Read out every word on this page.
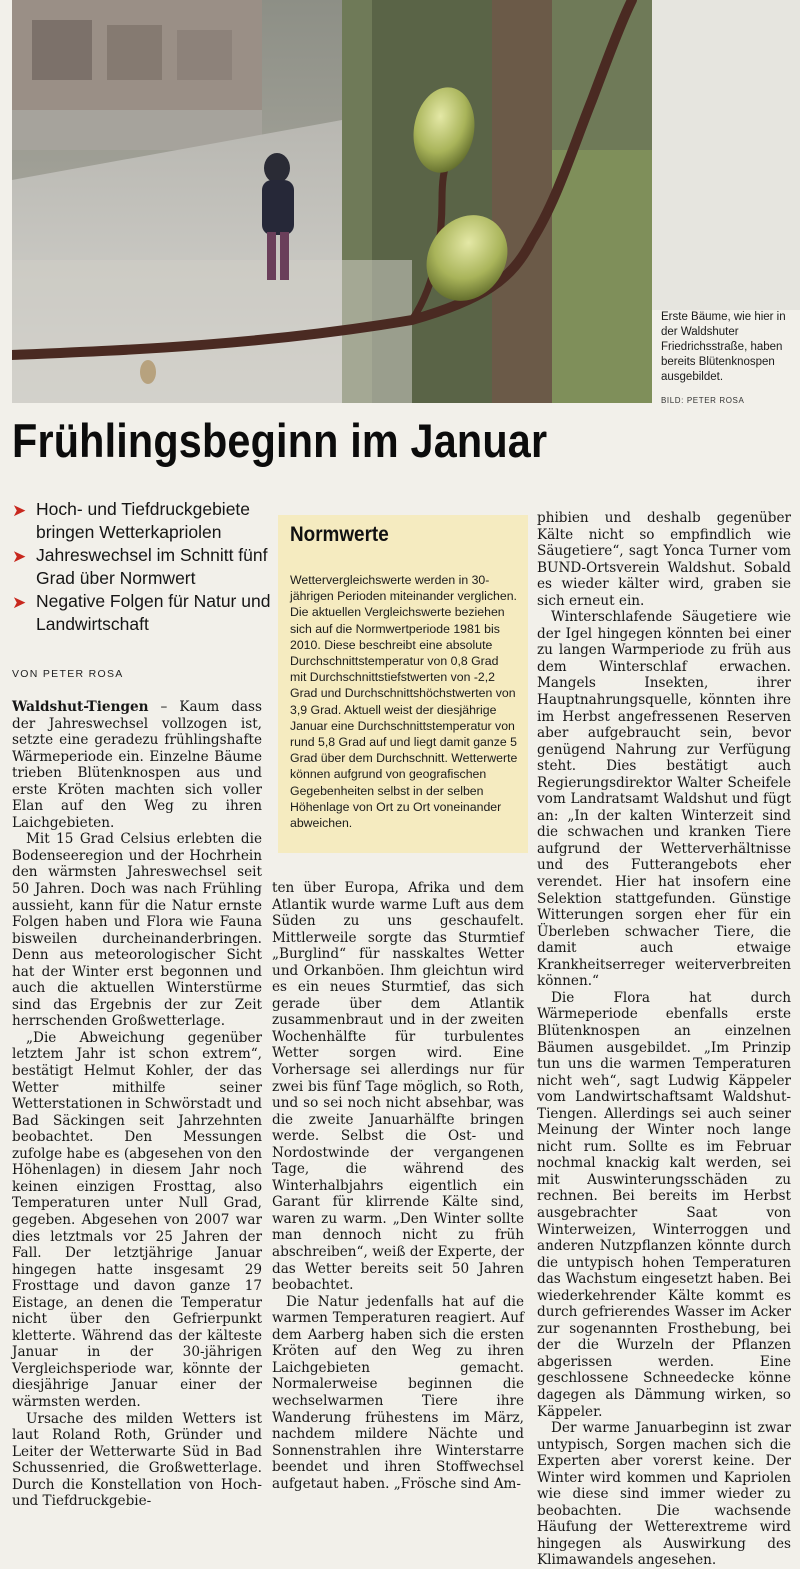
Erste Bäume, wie hier in der Waldshuter Friedrichsstraße, haben bereits Blütenknospen ausgebildet.
BILD: PETER ROSA
Frühlingsbeginn im Januar
➤ Hoch- und Tiefdruckgebiete bringen Wetterkapriolen
➤ Jahreswechsel im Schnitt fünf Grad über Normwert
➤ Negative Folgen für Natur und Landwirtschaft
VON PETER ROSA
Normwerte
Wettervergleichswerte werden in 30-jährigen Perioden miteinander verglichen. Die aktuellen Vergleichswerte beziehen sich auf die Normwertperiode 1981 bis 2010. Diese beschreibt eine absolute Durchschnittstemperatur von 0,8 Grad mit Durchschnittstiefstwerten von -2,2 Grad und Durchschnittshöchstwerten von 3,9 Grad. Aktuell weist der diesjährige Januar eine Durchschnittstemperatur von rund 5,8 Grad auf und liegt damit ganze 5 Grad über dem Durchschnitt. Wetterwerte können aufgrund von geografischen Gegebenheiten selbst in der selben Höhenlage von Ort zu Ort voneinander abweichen.

Waldshut-Tiengen – Kaum dass der Jahreswechsel vollzogen ist, setzte eine geradezu frühlingshafte Wärmeperiode ein. Einzelne Bäume trieben Blütenknospen aus und erste Kröten machten sich voller Elan auf den Weg zu ihren Laichgebieten.

Mit 15 Grad Celsius erlebten die Bodenseeregion und der Hochrhein den wärmsten Jahreswechsel seit 50 Jahren. Doch was nach Frühling aussieht, kann für die Natur ernste Folgen haben und Flora wie Fauna bisweilen durcheinanderbringen. Denn aus meteorologischer Sicht hat der Winter erst begonnen und auch die aktuellen Winterstürme sind das Ergebnis der zur Zeit herrschenden Großwetterlage.

„Die Abweichung gegenüber letztem Jahr ist schon extrem“, bestätigt Helmut Kohler, der das Wetter mithilfe seiner Wetterstationen in Schwörstadt und Bad Säckingen seit Jahrzehnten beobachtet. Den Messungen zufolge habe es (abgesehen von den Höhenlagen) in diesem Jahr noch keinen einzigen Frosttag, also Temperaturen unter Null Grad, gegeben. Abgesehen von 2007 war dies letztmals vor 25 Jahren der Fall. Der letztjährige Januar hingegen hatte insgesamt 29 Frosttage und davon ganze 17 Eistage, an denen die Temperatur nicht über den Gefrierpunkt kletterte. Während das der kälteste Januar in der 30-jährigen Vergleichsperiode war, könnte der diesjährige Januar einer der wärmsten werden.

Ursache des milden Wetters ist laut Roland Roth, Gründer und Leiter der Wetterwarte Süd in Bad Schussenried, die Großwetterlage. Durch die Konstellation von Hoch- und Tiefdruckgebie-

ten über Europa, Afrika und dem Atlantik wurde warme Luft aus dem Süden zu uns geschaufelt. Mittlerweile sorgte das Sturmtief „Burglind“ für nasskaltes Wetter und Orkanböen. Ihm gleichtun wird es ein neues Sturmtief, das sich gerade über dem Atlantik zusammenbraut und in der zweiten Wochenhälfte für turbulentes Wetter sorgen wird. Eine Vorhersage sei allerdings nur für zwei bis fünf Tage möglich, so Roth, und so sei noch nicht absehbar, was die zweite Januarhälfte bringen werde. Selbst die Ost- und Nordostwinde der vergangenen Tage, die während des Winterhalbjahrs eigentlich ein Garant für klirrende Kälte sind, waren zu warm. „Den Winter sollte man dennoch nicht zu früh abschreiben“, weiß der Experte, der das Wetter bereits seit 50 Jahren beobachtet.

Die Natur jedenfalls hat auf die warmen Temperaturen reagiert. Auf dem Aarberg haben sich die ersten Kröten auf den Weg zu ihren Laichgebieten gemacht. Normalerweise beginnen die wechselwarmen Tiere ihre Wanderung frühestens im März, nachdem mildere Nächte und Sonnenstrahlen ihre Winterstarre beendet und ihren Stoffwechsel aufgetaut haben. „Frösche sind Am-

phibien und deshalb gegenüber Kälte nicht so empfindlich wie Säugetiere“, sagt Yonca Turner vom BUND-Ortsverein Waldshut. Sobald es wieder kälter wird, graben sie sich erneut ein.

Winterschlafende Säugetiere wie der Igel hingegen könnten bei einer zu langen Warmperiode zu früh aus dem Winterschlaf erwachen. Mangels Insekten, ihrer Hauptnahrungsquelle, könnten ihre im Herbst angefressenen Reserven aber aufgebraucht sein, bevor genügend Nahrung zur Verfügung steht. Dies bestätigt auch Regierungsdirektor Walter Scheifele vom Landratsamt Waldshut und fügt an: „In der kalten Winterzeit sind die schwachen und kranken Tiere aufgrund der Wetterverhältnisse und des Futterangebots eher verendet. Hier hat insofern eine Selektion stattgefunden. Günstige Witterungen sorgen eher für ein Überleben schwacher Tiere, die damit auch etwaige Krankheitserreger weiterverbreiten können.“

Die Flora hat durch Wärmeperiode ebenfalls erste Blütenknospen an einzelnen Bäumen ausgebildet. „Im Prinzip tun uns die warmen Temperaturen nicht weh“, sagt Ludwig Käppeler vom Landwirtschaftsamt Waldshut-Tiengen. Allerdings sei auch seiner Meinung der Winter noch lange nicht rum. Sollte es im Februar nochmal knackig kalt werden, sei mit Auswinterungsschäden zu rechnen. Bei bereits im Herbst ausgebrachter Saat von Winterweizen, Winterroggen und anderen Nutzpflanzen könnte durch die untypisch hohen Temperaturen das Wachstum eingesetzt haben. Bei wiederkehrender Kälte kommt es durch gefrierendes Wasser im Acker zur sogenannten Frosthebung, bei der die Wurzeln der Pflanzen abgerissen werden. Eine geschlossene Schneedecke könne dagegen als Dämmung wirken, so Käppeler.

Der warme Januarbeginn ist zwar untypisch, Sorgen machen sich die Experten aber vorerst keine. Der Winter wird kommen und Kapriolen wie diese sind immer wieder zu beobachten. Die wachsende Häufung der Wetterextreme wird hingegen als Auswirkung des Klimawandels angesehen.
